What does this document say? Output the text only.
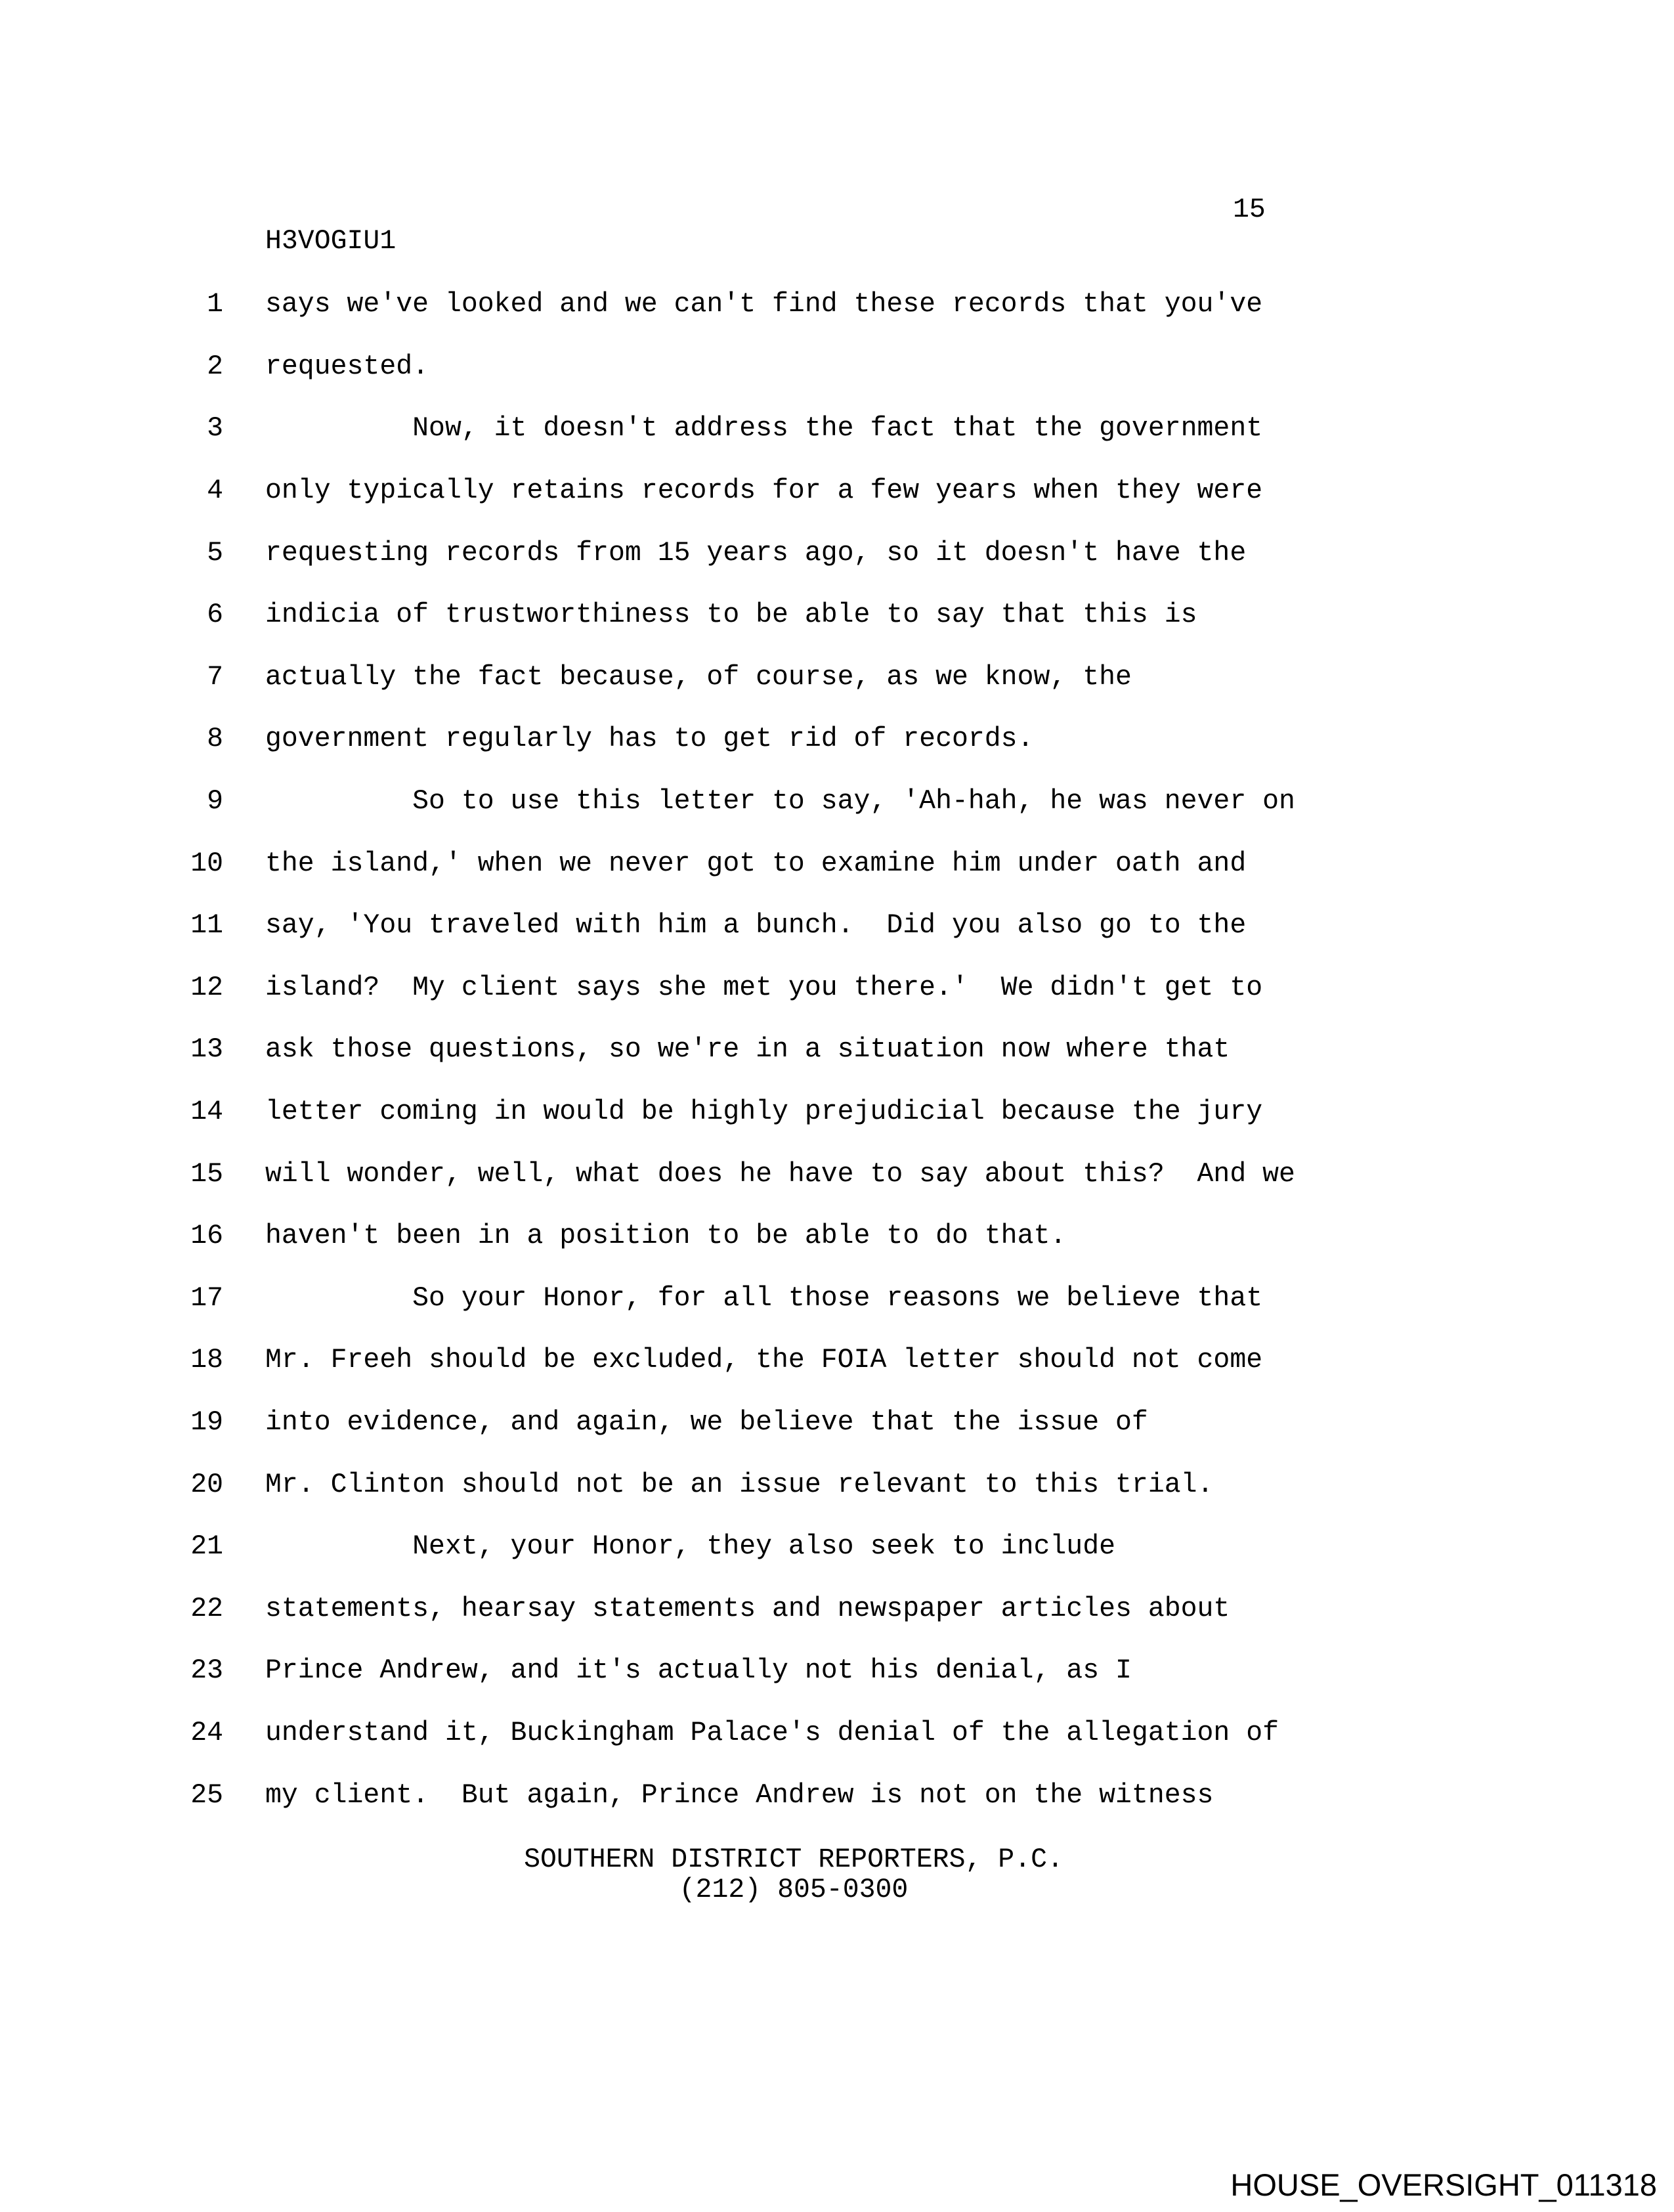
15
H3VOGIU1
1 says we've looked and we can't find these records that you've
2 requested.
3 Now, it doesn't address the fact that the government
4 only typically retains records for a few years when they were
5 requesting records from 15 years ago, so it doesn't have the
6 indicia of trustworthiness to be able to say that this is
7 actually the fact because, of course, as we know, the
8 government regularly has to get rid of records.
9 So to use this letter to say, 'Ah-hah, he was never on
10 the island,' when we never got to examine him under oath and
11 say, 'You traveled with him a bunch.  Did you also go to the
12 island?  My client says she met you there.'  We didn't get to
13 ask those questions, so we're in a situation now where that
14 letter coming in would be highly prejudicial because the jury
15 will wonder, well, what does he have to say about this?  And we
16 haven't been in a position to be able to do that.
17 So your Honor, for all those reasons we believe that
18 Mr. Freeh should be excluded, the FOIA letter should not come
19 into evidence, and again, we believe that the issue of
20 Mr. Clinton should not be an issue relevant to this trial.
21 Next, your Honor, they also seek to include
22 statements, hearsay statements and newspaper articles about
23 Prince Andrew, and it's actually not his denial, as I
24 understand it, Buckingham Palace's denial of the allegation of
25 my client.  But again, Prince Andrew is not on the witness
SOUTHERN DISTRICT REPORTERS, P.C.
(212) 805-0300
HOUSE_OVERSIGHT_011318
